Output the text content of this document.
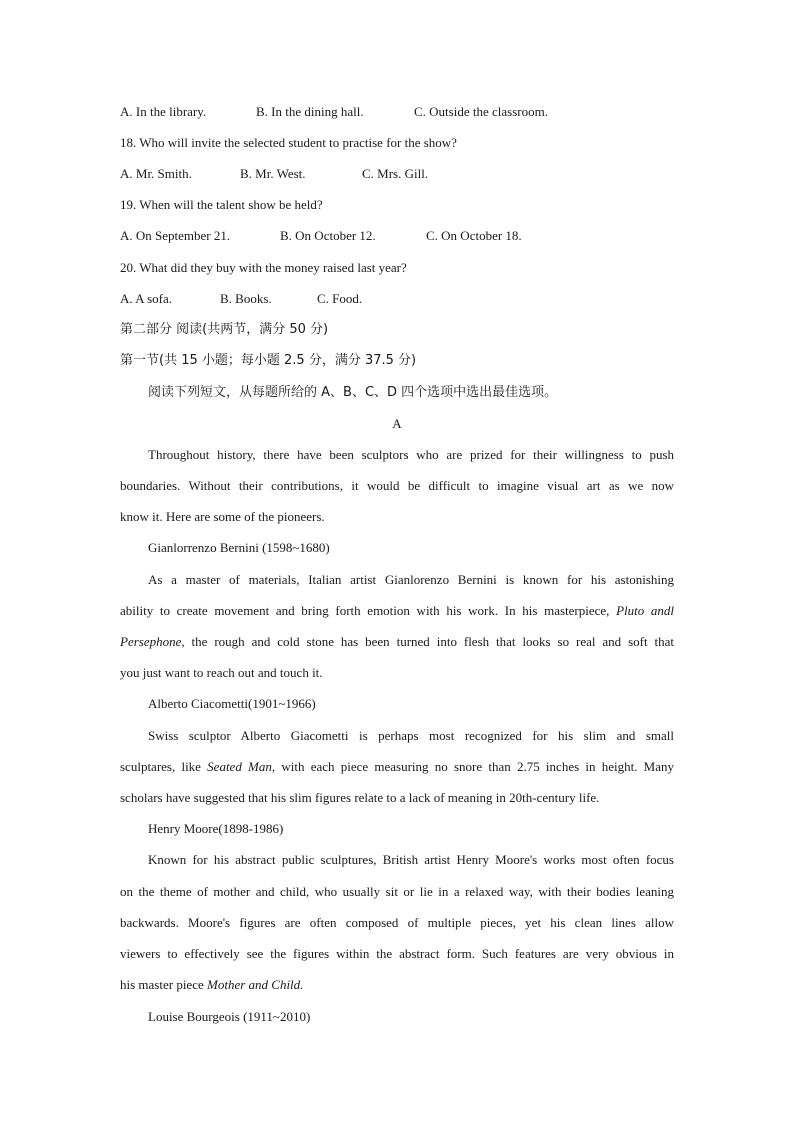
A. In the library.	B. In the dining hall.	C. Outside the classroom.
18. Who will invite the selected student to practise for the show?
A. Mr. Smith.	B. Mr. West.	C. Mrs. Gill.
19. When will the talent show be held?
A. On September 21.	B. On October 12.	C. On October 18.
20. What did they buy with the money raised last year?
A. A sofa.	B. Books.	C. Food.
第二部分 阅读(共两节，满分 50 分)
第一节(共 15 小题；每小题 2.5 分，满分 37.5 分)
阅读下列短文，从每题所给的 A、B、C、D 四个选项中选出最佳选项。
A
Throughout history, there have been sculptors who are prized for their willingness to push
boundaries. Without their contributions, it would be difficult to imagine visual art as we now
know it. Here are some of the pioneers.
Gianlorrenzo Bernini (1598~1680)
As a master of materials, Italian artist Gianlorenzo Bernini is known for his astonishing
ability to create movement and bring forth emotion with his work. In his masterpiece, Pluto andl
Persephone, the rough and cold stone has been turned into flesh that looks so real and soft that
you just want to reach out and touch it.
Alberto Ciacometti(1901~1966)
Swiss sculptor Alberto Giacometti is perhaps most recognized for his slim and small
sculptares, like Seated Man, with each piece measuring no snore than 2.75 inches in height. Many
scholars have suggested that his slim figures relate to a lack of meaning in 20th-century life.
Henry Moore(1898-1986)
Known for his abstract public sculptures, British artist Henry Moore's works most often focus
on the theme of mother and child, who usually sit or lie in a relaxed way, with their bodies leaning
backwards. Moore's figures are often composed of multiple pieces, yet his clean lines allow
viewers to effectively see the figures within the abstract form. Such features are very obvious in
his master piece Mother and Child.
Louise Bourgeois (1911~2010)
